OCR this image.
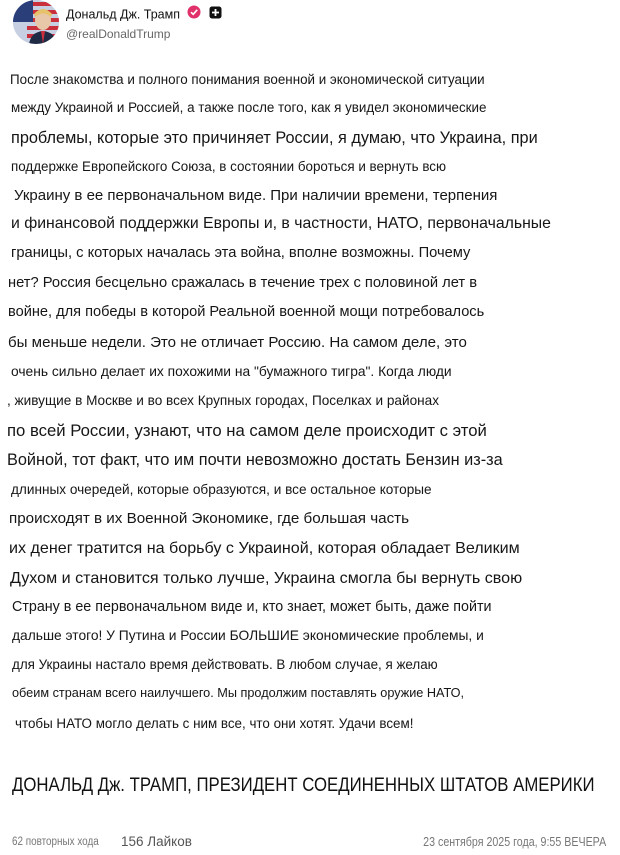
Дональд Дж. Трамп
@realDonaldTrump
После знакомства и полного понимания военной и экономической ситуации
между Украиной и Россией, а также после того, как я увидел экономические
проблемы, которые это причиняет России, я думаю, что Украина, при
поддержке Европейского Союза, в состоянии бороться и вернуть всю
Украину в ее первоначальном виде. При наличии времени, терпения
и финансовой поддержки Европы и, в частности, НАТО, первоначальные
границы, с которых началась эта война, вполне возможны. Почему
нет? Россия бесцельно сражалась в течение трех с половиной лет в
войне, для победы в которой Реальной военной мощи потребовалось
бы меньше недели. Это не отличает Россию. На самом деле, это
очень сильно делает их похожими на "бумажного тигра". Когда люди
, живущие в Москве и во всех Крупных городах, Поселках и районах
по всей России, узнают, что на самом деле происходит с этой
Войной, тот факт, что им почти невозможно достать Бензин из-за
длинных очередей, которые образуются, и все остальное которые
происходят в их Военной Экономике, где большая часть
их денег тратится на борьбу с Украиной, которая обладает Великим
Духом и становится только лучше, Украина смогла бы вернуть свою
Страну в ее первоначальном виде и, кто знает, может быть, даже пойти
дальше этого! У Путина и России БОЛЬШИЕ экономические проблемы, и
для Украины настало время действовать. В любом случае, я желаю
обеим странам всего наилучшего. Мы продолжим поставлять оружие НАТО,
чтобы НАТО могло делать с ним все, что они хотят. Удачи всем!
ДОНАЛЬД Дж. ТРАМП, ПРЕЗИДЕНТ СОЕДИНЕННЫХ ШТАТОВ АМЕРИКИ
62 повторных хода 156 Лайков	23 сентября 2025 года, 9:55 ВЕЧЕРА
